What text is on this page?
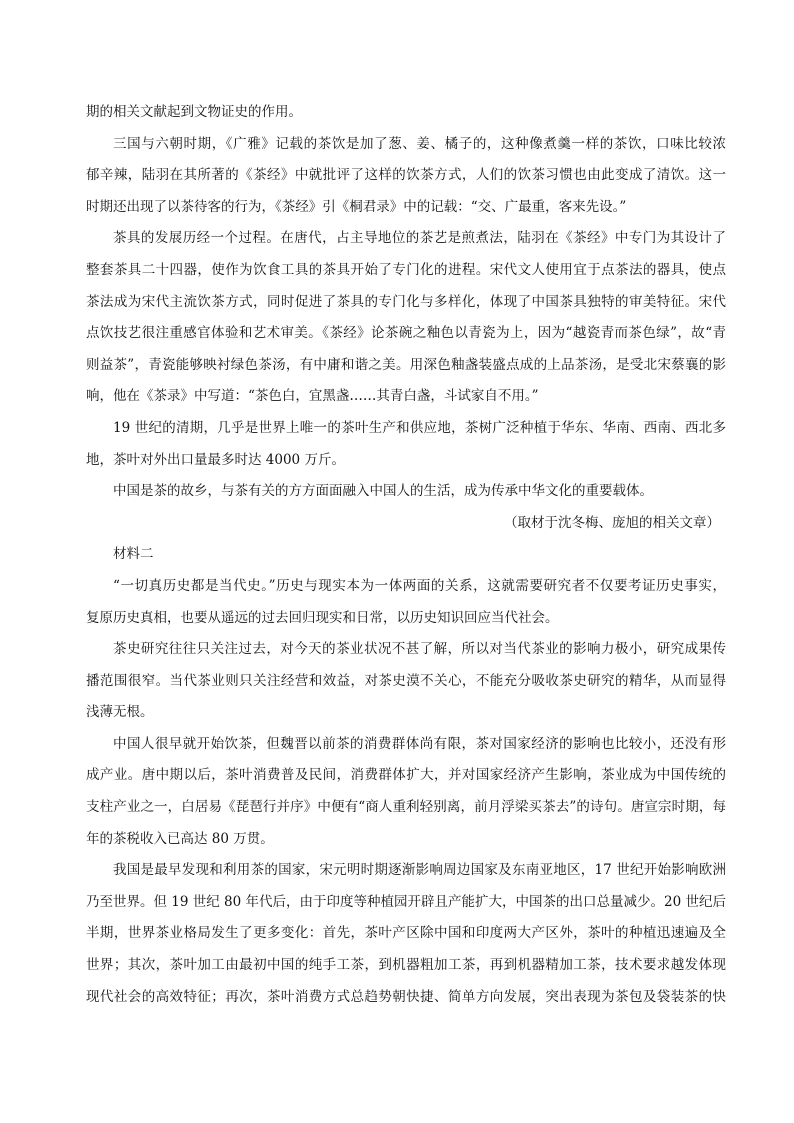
期的相关文献起到文物证史的作用。
三国与六朝时期，《广雅》记载的茶饮是加了葱、姜、橘子的，这种像煮羹一样的茶饮，口味比较浓
郁辛辣，陆羽在其所著的《茶经》中就批评了这样的饮茶方式，人们的饮茶习惯也由此变成了清饮。这一
时期还出现了以茶待客的行为，《茶经》引《桐君录》中的记载：“交、广最重，客来先设。”
茶具的发展历经一个过程。在唐代，占主导地位的茶艺是煎煮法，陆羽在《茶经》中专门为其设计了
整套茶具二十四器，使作为饮食工具的茶具开始了专门化的进程。宋代文人使用宜于点茶法的器具，使点
茶法成为宋代主流饮茶方式，同时促进了茶具的专门化与多样化，体现了中国茶具独特的审美特征。宋代
点饮技艺很注重感官体验和艺术审美。《茶经》论茶碗之釉色以青瓷为上，因为“越瓷青而茶色绿”，故“青
则益茶”，青瓷能够映衬绿色茶汤，有中庸和谐之美。用深色釉盏装盛点成的上品茶汤，是受北宋蔡襄的影
响，他在《茶录》中写道：“茶色白，宜黑盏……其青白盏，斗试家自不用。”
19 世纪的清期，几乎是世界上唯一的茶叶生产和供应地，茶树广泛种植于华东、华南、西南、西北多
地，茶叶对外出口量最多时达 4000 万斤。
中国是茶的故乡，与茶有关的方方面面融入中国人的生活，成为传承中华文化的重要载体。
（取材于沈冬梅、庞旭的相关文章）
材料二
“一切真历史都是当代史。”历史与现实本为一体两面的关系，这就需要研究者不仅要考证历史事实，
复原历史真相，也要从遥远的过去回归现实和日常，以历史知识回应当代社会。
茶史研究往往只关注过去，对今天的茶业状况不甚了解，所以对当代茶业的影响力极小，研究成果传
播范围很窄。当代茶业则只关注经营和效益，对茶史漠不关心，不能充分吸收茶史研究的精华，从而显得
浅薄无根。
中国人很早就开始饮茶，但魏晋以前茶的消费群体尚有限，茶对国家经济的影响也比较小，还没有形
成产业。唐中期以后，茶叶消费普及民间，消费群体扩大，并对国家经济产生影响，茶业成为中国传统的
支柱产业之一，白居易《琵琶行并序》中便有“商人重利轻别离，前月浮梁买茶去”的诗句。唐宣宗时期，每
年的茶税收入已高达 80 万贯。
我国是最早发现和利用茶的国家，宋元明时期逐渐影响周边国家及东南亚地区，17 世纪开始影响欧洲
乃至世界。但 19 世纪 80 年代后，由于印度等种植园开辟且产能扩大，中国茶的出口总量减少。20 世纪后
半期，世界茶业格局发生了更多变化：首先，茶叶产区除中国和印度两大产区外，茶叶的种植迅速遍及全
世界；其次，茶叶加工由最初中国的纯手工茶，到机器粗加工茶，再到机器精加工茶，技术要求越发体现
现代社会的高效特征；再次，茶叶消费方式总趋势朝快捷、简单方向发展，突出表现为茶包及袋装茶的快
